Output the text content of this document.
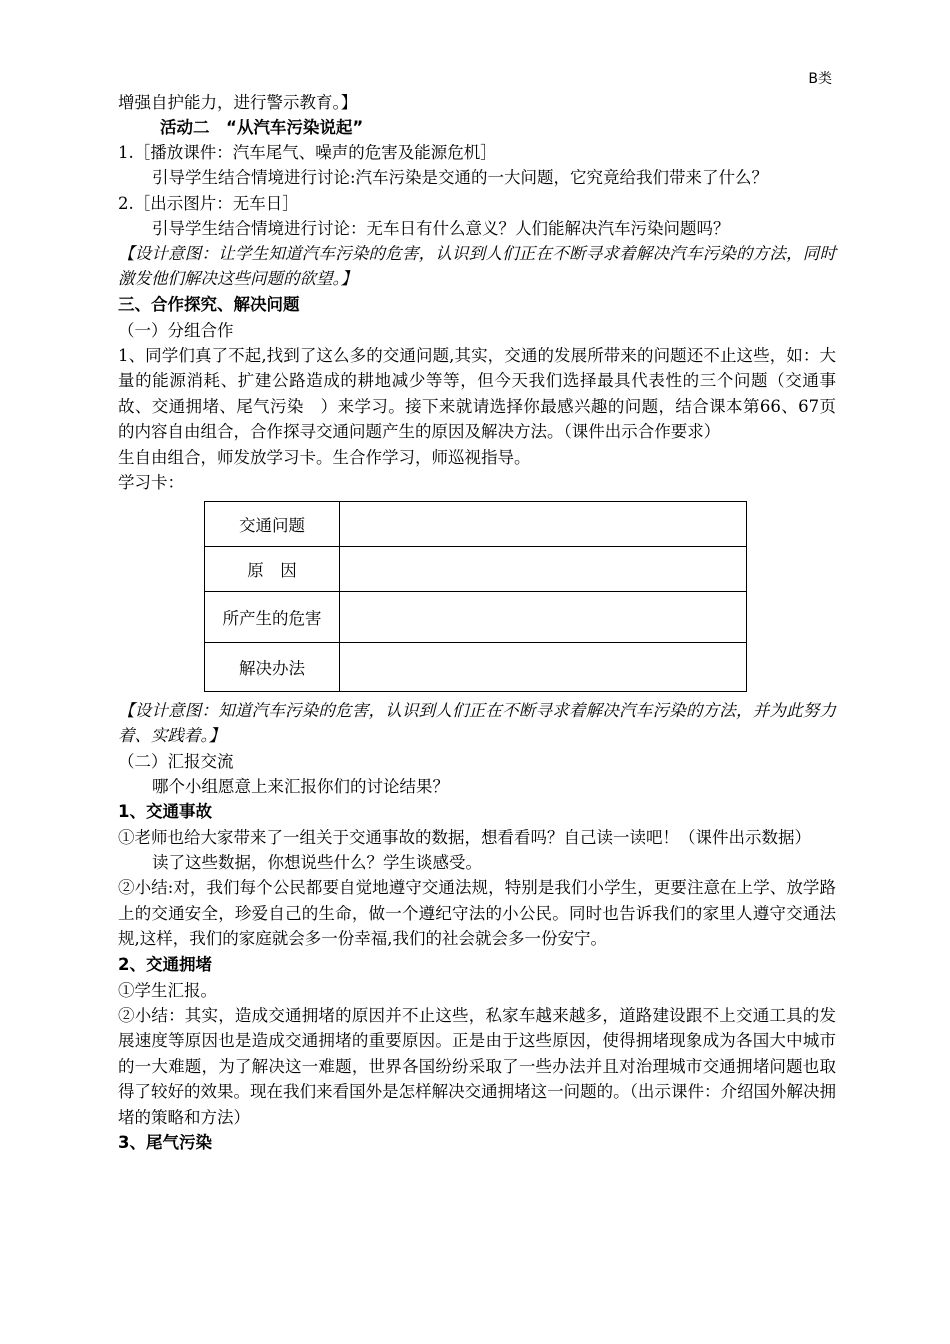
B类
增强自护能力，进行警示教育。】
活动二　“从汽车污染说起”
1.［播放课件：汽车尾气、噪声的危害及能源危机］
引导学生结合情境进行讨论:汽车污染是交通的一大问题，它究竟给我们带来了什么？
2.［出示图片：无车日］
引导学生结合情境进行讨论：无车日有什么意义？人们能解决汽车污染问题吗？
【设计意图：让学生知道汽车污染的危害，认识到人们正在不断寻求着解决汽车污染的方法，同时激发他们解决这些问题的欲望。】
三、合作探究、解决问题
（一）分组合作
1、同学们真了不起,找到了这么多的交通问题,其实，交通的发展所带来的问题还不止这些，如：大量的能源消耗、扩建公路造成的耕地减少等等，但今天我们选择最具代表性的三个问题（交通事故、交通拥堵、尾气污染　）来学习。接下来就请选择你最感兴趣的问题，结合课本第66、67页的内容自由组合，合作探寻交通问题产生的原因及解决方法。（课件出示合作要求）
生自由组合，师发放学习卡。生合作学习，师巡视指导。
学习卡：
交通问题	
原　因	
所产生的危害	
解决办法	
【设计意图：知道汽车污染的危害，认识到人们正在不断寻求着解决汽车污染的方法，并为此努力着、实践着。】
（二）汇报交流
哪个小组愿意上来汇报你们的讨论结果？
1、交通事故
①老师也给大家带来了一组关于交通事故的数据，想看看吗？自己读一读吧！（课件出示数据）
读了这些数据，你想说些什么？学生谈感受。
②小结:对，我们每个公民都要自觉地遵守交通法规，特别是我们小学生，更要注意在上学、放学路上的交通安全，珍爱自己的生命，做一个遵纪守法的小公民。同时也告诉我们的家里人遵守交通法规,这样，我们的家庭就会多一份幸福,我们的社会就会多一份安宁。
2、交通拥堵
①学生汇报。
②小结：其实，造成交通拥堵的原因并不止这些，私家车越来越多，道路建设跟不上交通工具的发展速度等原因也是造成交通拥堵的重要原因。正是由于这些原因，使得拥堵现象成为各国大中城市的一大难题，为了解决这一难题，世界各国纷纷采取了一些办法并且对治理城市交通拥堵问题也取得了较好的效果。现在我们来看国外是怎样解决交通拥堵这一问题的。（出示课件：介绍国外解决拥堵的策略和方法）
3、尾气污染
